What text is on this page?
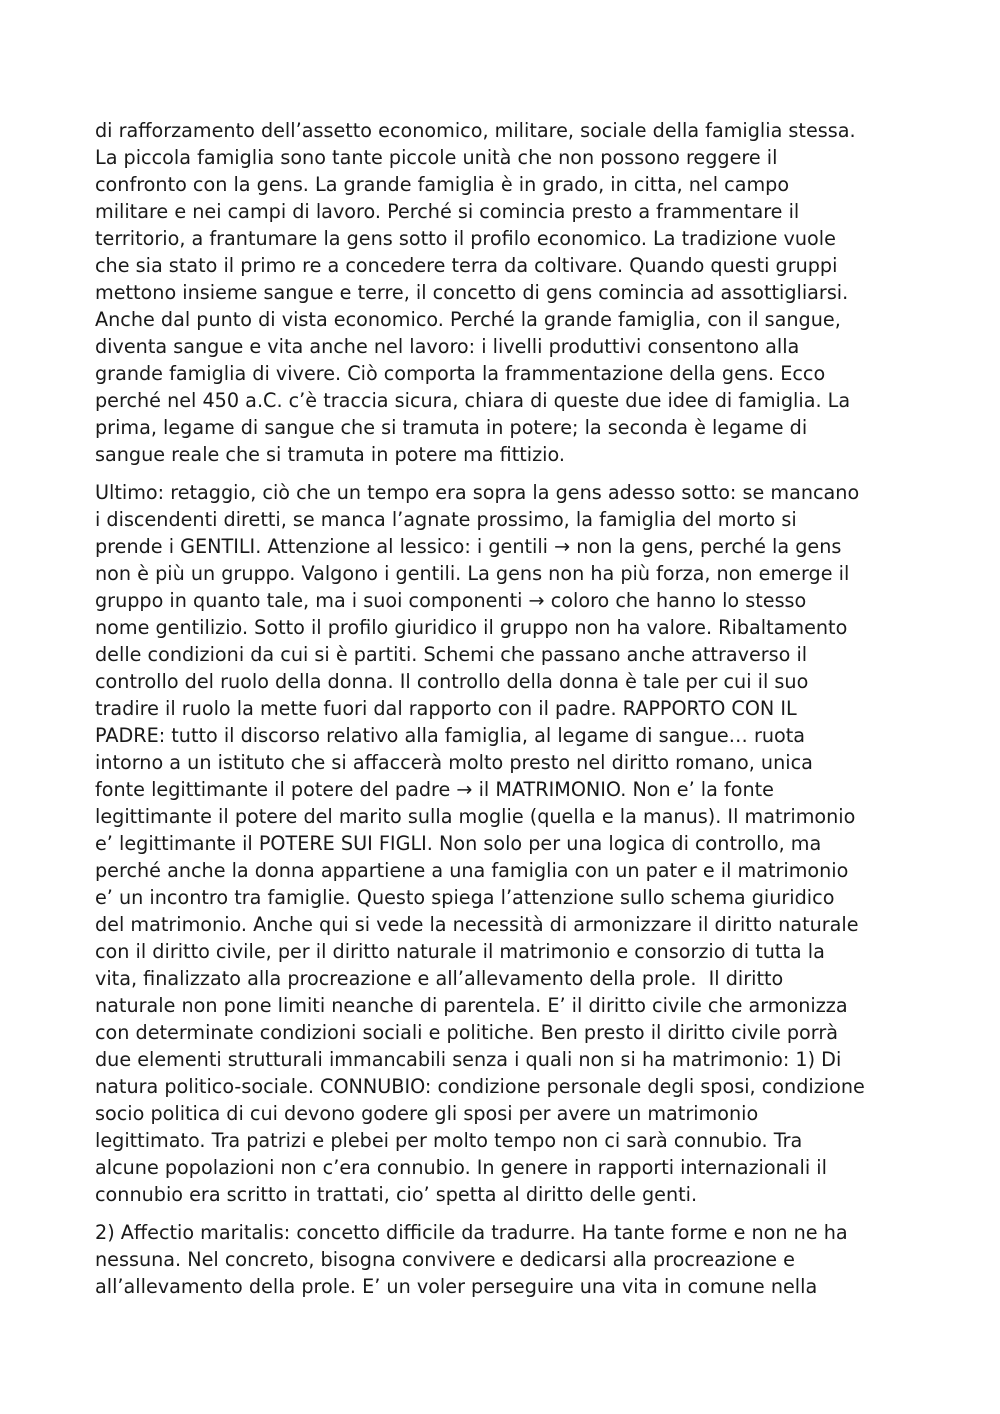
di rafforzamento dell’assetto economico, militare, sociale della famiglia stessa.
La piccola famiglia sono tante piccole unità che non possono reggere il
confronto con la gens. La grande famiglia è in grado, in citta, nel campo
militare e nei campi di lavoro. Perché si comincia presto a frammentare il
territorio, a frantumare la gens sotto il profilo economico. La tradizione vuole
che sia stato il primo re a concedere terra da coltivare. Quando questi gruppi
mettono insieme sangue e terre, il concetto di gens comincia ad assottigliarsi.
Anche dal punto di vista economico. Perché la grande famiglia, con il sangue,
diventa sangue e vita anche nel lavoro: i livelli produttivi consentono alla
grande famiglia di vivere. Ciò comporta la frammentazione della gens. Ecco
perché nel 450 a.C. c’è traccia sicura, chiara di queste due idee di famiglia. La
prima, legame di sangue che si tramuta in potere; la seconda è legame di
sangue reale che si tramuta in potere ma fittizio.
Ultimo: retaggio, ciò che un tempo era sopra la gens adesso sotto: se mancano
i discendenti diretti, se manca l’agnate prossimo, la famiglia del morto si
prende i GENTILI. Attenzione al lessico: i gentili → non la gens, perché la gens
non è più un gruppo. Valgono i gentili. La gens non ha più forza, non emerge il
gruppo in quanto tale, ma i suoi componenti → coloro che hanno lo stesso
nome gentilizio. Sotto il profilo giuridico il gruppo non ha valore. Ribaltamento
delle condizioni da cui si è partiti. Schemi che passano anche attraverso il
controllo del ruolo della donna. Il controllo della donna è tale per cui il suo
tradire il ruolo la mette fuori dal rapporto con il padre. RAPPORTO CON IL
PADRE: tutto il discorso relativo alla famiglia, al legame di sangue… ruota
intorno a un istituto che si affaccerà molto presto nel diritto romano, unica
fonte legittimante il potere del padre → il MATRIMONIO. Non e’ la fonte
legittimante il potere del marito sulla moglie (quella e la manus). Il matrimonio
e’ legittimante il POTERE SUI FIGLI. Non solo per una logica di controllo, ma
perché anche la donna appartiene a una famiglia con un pater e il matrimonio
e’ un incontro tra famiglie. Questo spiega l’attenzione sullo schema giuridico
del matrimonio. Anche qui si vede la necessità di armonizzare il diritto naturale
con il diritto civile, per il diritto naturale il matrimonio e consorzio di tutta la
vita, finalizzato alla procreazione e all’allevamento della prole.  Il diritto
naturale non pone limiti neanche di parentela. E’ il diritto civile che armonizza
con determinate condizioni sociali e politiche. Ben presto il diritto civile porrà
due elementi strutturali immancabili senza i quali non si ha matrimonio: 1) Di
natura politico-sociale. CONNUBIO: condizione personale degli sposi, condizione
socio politica di cui devono godere gli sposi per avere un matrimonio
legittimato. Tra patrizi e plebei per molto tempo non ci sarà connubio. Tra
alcune popolazioni non c’era connubio. In genere in rapporti internazionali il
connubio era scritto in trattati, cio’ spetta al diritto delle genti.
2) Affectio maritalis: concetto difficile da tradurre. Ha tante forme e non ne ha
nessuna. Nel concreto, bisogna convivere e dedicarsi alla procreazione e
all’allevamento della prole. E’ un voler perseguire una vita in comune nella
